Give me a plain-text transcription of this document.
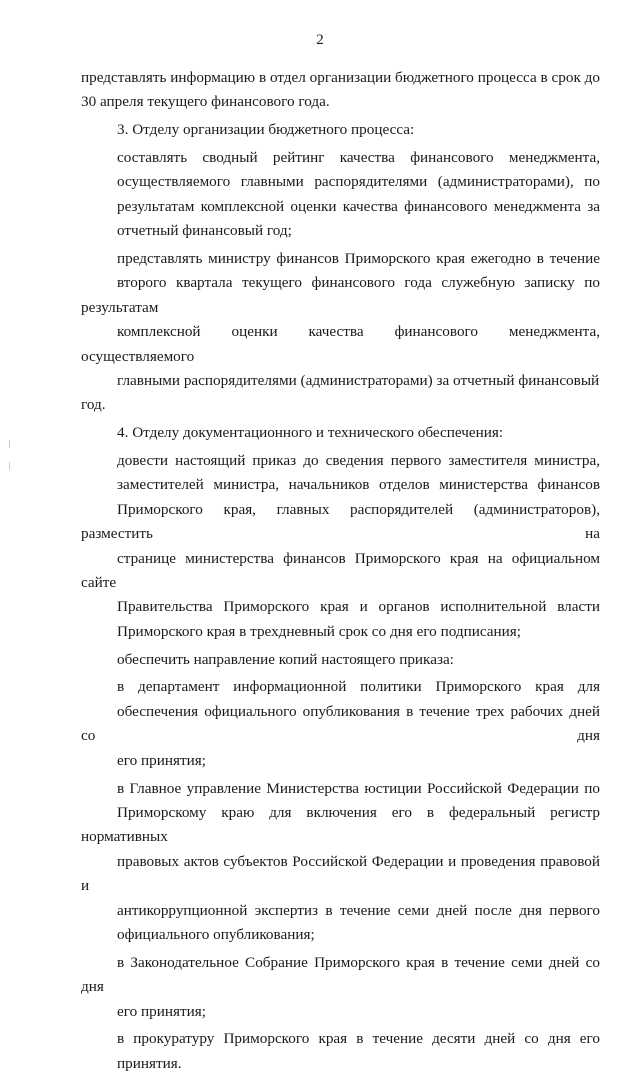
2

представлять информацию в отдел организации бюджетного процесса в срок до
30 апреля текущего финансового года.

3. Отделу организации бюджетного процесса:

составлять сводный рейтинг качества финансового менеджмента,
осуществляемого главными распорядителями (администраторами), по
результатам комплексной оценки качества финансового менеджмента за
отчетный финансовый год;

представлять министру финансов Приморского края ежегодно в течение
второго квартала текущего финансового года служебную записку по результатам
комплексной оценки качества финансового менеджмента, осуществляемого
главными распорядителями (администраторами) за отчетный финансовый год.

4. Отделу документационного и технического обеспечения:

довести настоящий приказ до сведения первого заместителя министра,
заместителей министра, начальников отделов министерства финансов
Приморского края, главных распорядителей (администраторов), разместить на
странице министерства финансов Приморского края на официальном сайте
Правительства Приморского края и органов исполнительной власти
Приморского края в трехдневный срок со дня его подписания;

обеспечить направление копий настоящего приказа:

в департамент информационной политики Приморского края для
обеспечения официального опубликования в течение трех рабочих дней со дня
его принятия;

в Главное управление Министерства юстиции Российской Федерации по
Приморскому краю для включения его в федеральный регистр нормативных
правовых актов субъектов Российской Федерации и проведения правовой и
антикоррупционной экспертиз в течение семи дней после дня первого
официального опубликования;

в Законодательное Собрание Приморского края в течение семи дней со дня
его принятия;

в прокуратуру Приморского края в течение десяти дней со дня его
принятия.
